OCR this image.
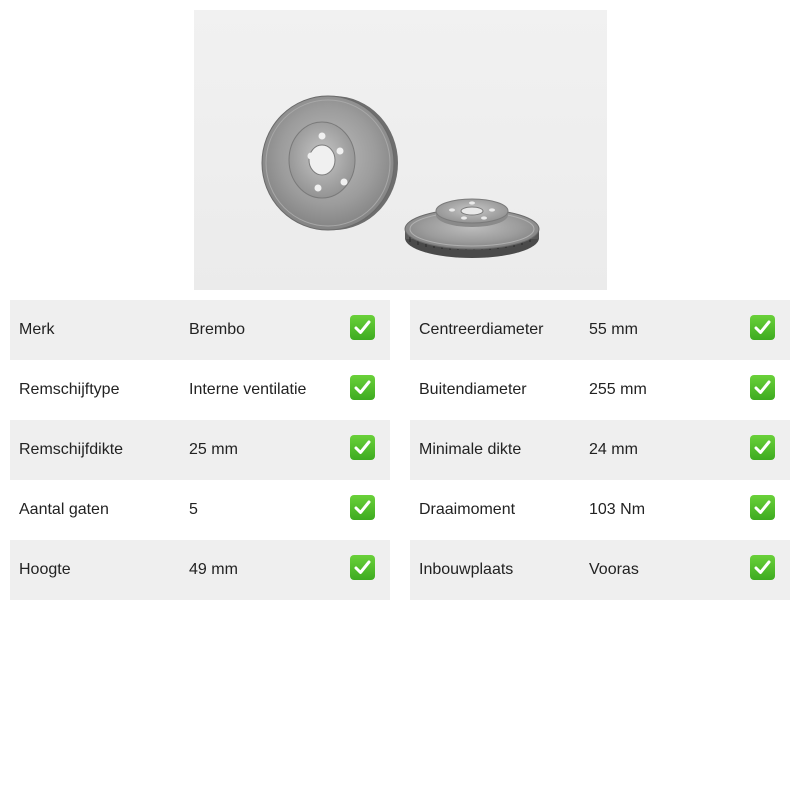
Merk	Brembo
Remschijftype	Interne ventilatie
Remschijfdikte	25 mm
Aantal gaten	5
Hoogte	49 mm
Centreerdiameter	55 mm
Buitendiameter	255 mm
Minimale dikte	24 mm
Draaimoment	103 Nm
Inbouwplaats	Vooras
